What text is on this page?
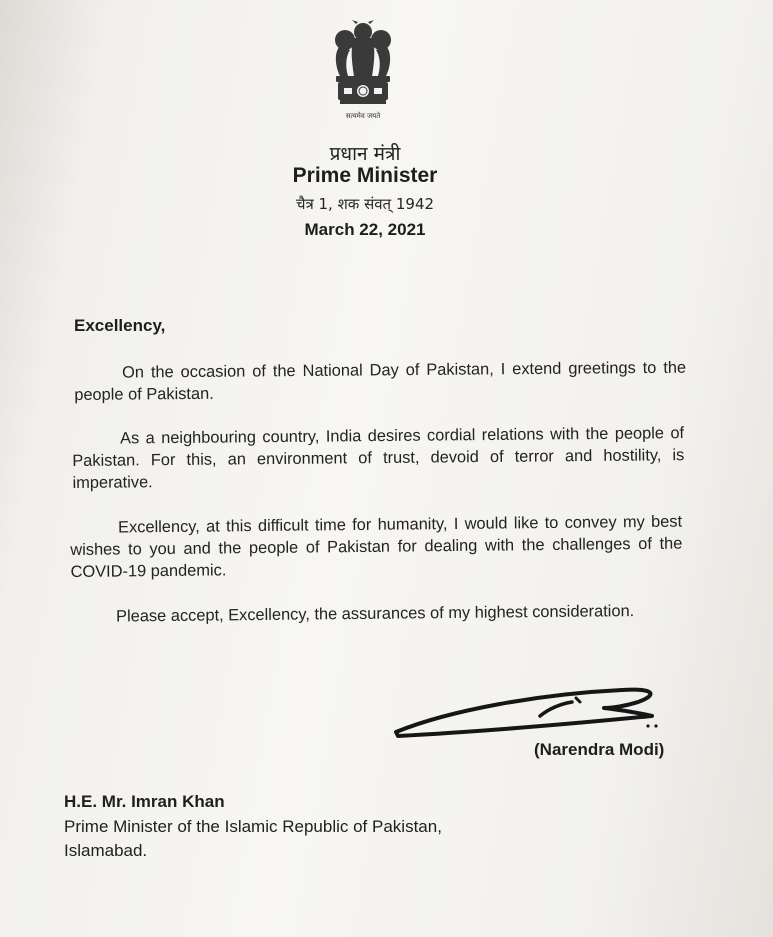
सत्यमेव जयते
प्रधान मंत्री
Prime Minister
चैत्र 1, शक संवत् 1942
March 22, 2021
Excellency,
On the occasion of the National Day of Pakistan, I extend greetings to the people of Pakistan.
As a neighbouring country, India desires cordial relations with the people of Pakistan. For this, an environment of trust, devoid of terror and hostility, is imperative.
Excellency, at this difficult time for humanity, I would like to convey my best wishes to you and the people of Pakistan for dealing with the challenges of the COVID-19 pandemic.
Please accept, Excellency, the assurances of my highest consideration.
(Narendra Modi)
H.E. Mr. Imran Khan
Prime Minister of the Islamic Republic of Pakistan,
Islamabad.
